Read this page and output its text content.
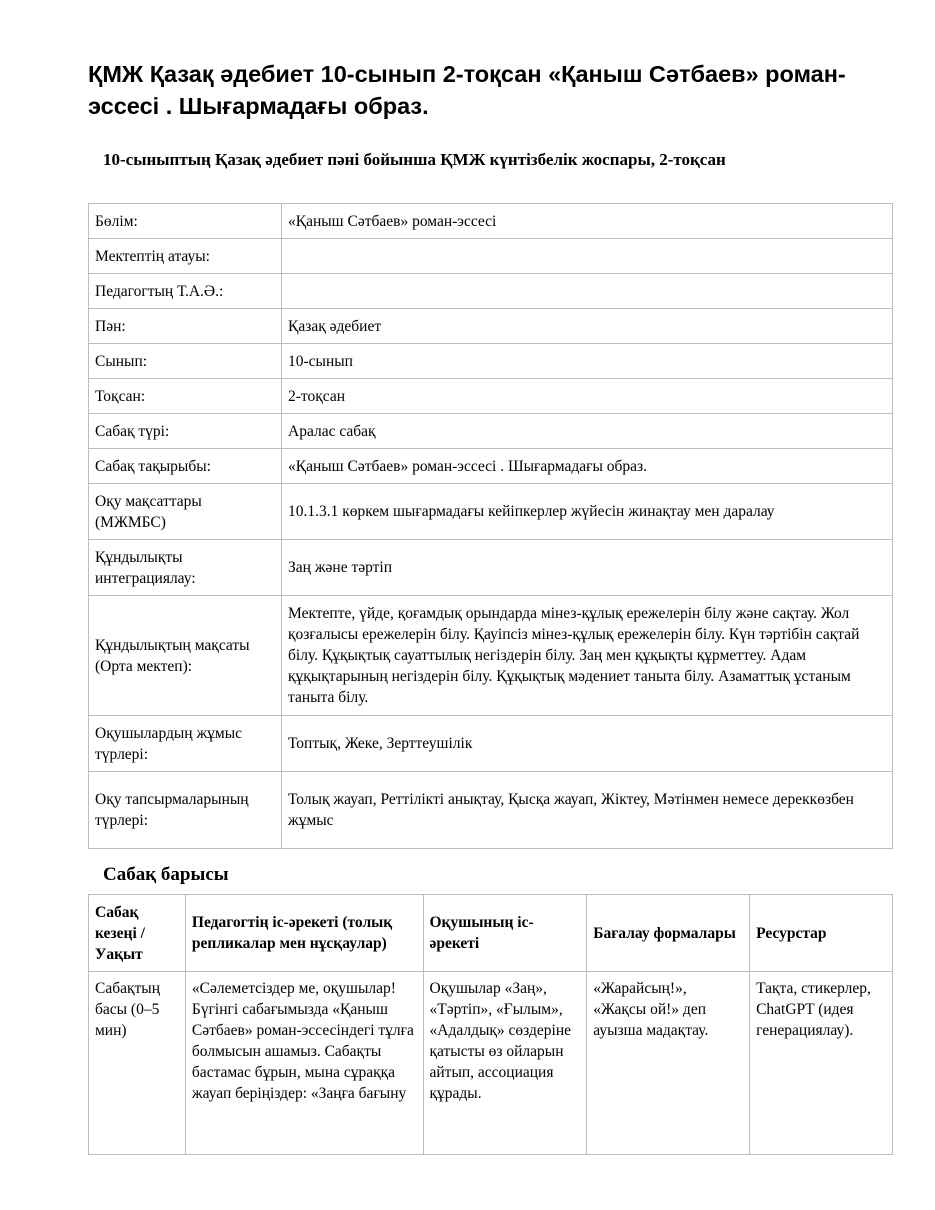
ҚМЖ Қазақ әдебиет 10-сынып 2-тоқсан «Қаныш Сәтбаев» роман-эссесі . Шығармадағы образ.
10-сыныптың Қазақ әдебиет пәні бойынша ҚМЖ күнтізбелік жоспары, 2-тоқсан
Бөлім:	«Қаныш Сәтбаев» роман-эссесі
Мектептің атауы:	
Педагогтың Т.А.Ә.:	
Пән:	Қазақ әдебиет
Сынып:	10-сынып
Тоқсан:	2-тоқсан
Сабақ түрі:	Аралас сабақ
Сабақ тақырыбы:	«Қаныш Сәтбаев» роман-эссесі . Шығармадағы образ.
Оқу мақсаттары (МЖМБС)	10.1.3.1 көркем шығармадағы кейіпкерлер жүйесін жинақтау мен даралау
Құндылықты интеграциялау:	Заң және тәртіп
Құндылықтың мақсаты (Орта мектеп):	Мектепте, үйде, қоғамдық орындарда мінез-құлық ережелерін білу және сақтау. Жол қозғалысы ережелерін білу. Қауіпсіз мінез-құлық ережелерін білу. Күн тәртібін сақтай білу. Құқықтық сауаттылық негіздерін білу. Заң мен құқықты құрметтеу. Адам құқықтарының негіздерін білу. Құқықтық мәдениет таныта білу. Азаматтық ұстаным таныта білу.
Оқушылардың жұмыс түрлері:	Топтық, Жеке, Зерттеушілік
Оқу тапсырмаларының түрлері:	Толық жауап, Реттілікті анықтау, Қысқа жауап, Жіктеу, Мәтінмен немесе дереккөзбен жұмыс
Сабақ барысы
Сабақ кезеңі / Уақыт	Педагогтің іс-әрекеті (толық репликалар мен нұсқаулар)	Оқушының іс-әрекеті	Бағалау формалары	Ресурстар
Сабақтың басы (0–5 мин)	«Сәлеметсіздер ме, оқушылар! Бүгінгі сабағымызда «Қаныш Сәтбаев» роман-эссесіндегі тұлға болмысын ашамыз. Сабақты бастамас бұрын, мына сұраққа жауап беріңіздер: «Заңға бағыну	Оқушылар «Заң», «Тәртіп», «Ғылым», «Адалдық» сөздеріне қатысты өз ойларын айтып, ассоциация құрады.	«Жарайсың!», «Жақсы ой!» деп ауызша мадақтау.	Тақта, стикерлер, ChatGPT (идея генерациялау).
